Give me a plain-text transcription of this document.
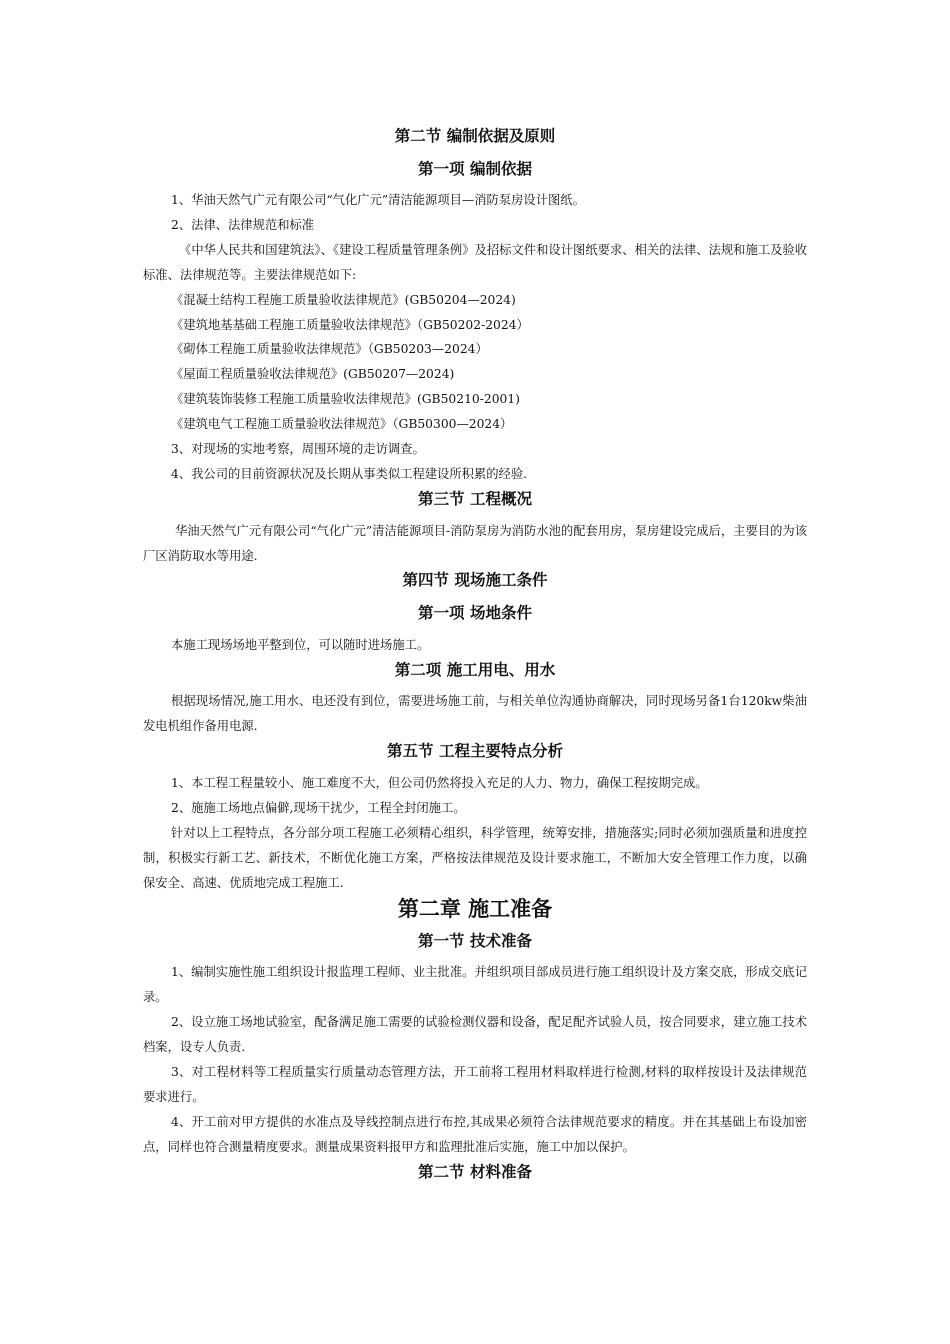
第二节 编制依据及原则
第一项 编制依据
1、华油天然气广元有限公司“气化广元”清洁能源项目—消防泵房设计图纸。
2、法律、法律规范和标准
《中华人民共和国建筑法》、《建设工程质量管理条例》及招标文件和设计图纸要求、相关的法律、法规和施工及验收标准、法律规范等。主要法律规范如下:
《混凝土结构工程施工质量验收法律规范》(GB50204—2024)
《建筑地基基础工程施工质量验收法律规范》（GB50202-2024）
《砌体工程施工质量验收法律规范》（GB50203—2024）
《屋面工程质量验收法律规范》(GB50207—2024)
《建筑装饰装修工程施工质量验收法律规范》(GB50210-2001)
《建筑电气工程施工质量验收法律规范》（GB50300—2024）
3、对现场的实地考察，周围环境的走访调查。
4、我公司的目前资源状况及长期从事类似工程建设所积累的经验.
第三节 工程概况
华油天然气广元有限公司“气化广元”清洁能源项目-消防泵房为消防水池的配套用房，泵房建设完成后，主要目的为该厂区消防取水等用途.
第四节 现场施工条件
第一项 场地条件
本施工现场场地平整到位，可以随时进场施工。
第二项 施工用电、用水
根据现场情况,施工用水、电还没有到位，需要进场施工前，与相关单位沟通协商解决，同时现场另备1台120kw柴油发电机组作备用电源.
第五节 工程主要特点分析
1、本工程工程量较小、施工难度不大，但公司仍然将投入充足的人力、物力，确保工程按期完成。
2、施施工场地点偏僻,现场干扰少，工程全封闭施工。
针对以上工程特点，各分部分项工程施工必须精心组织，科学管理，统筹安排，措施落实;同时必须加强质量和进度控制，积极实行新工艺、新技术，不断优化施工方案，严格按法律规范及设计要求施工，不断加大安全管理工作力度，以确保安全、高速、优质地完成工程施工.
第二章 施工准备
第一节 技术准备
1、编制实施性施工组织设计报监理工程师、业主批准。并组织项目部成员进行施工组织设计及方案交底，形成交底记录。
2、设立施工场地试验室，配备满足施工需要的试验检测仪器和设备，配足配齐试验人员，按合同要求，建立施工技术档案，设专人负责.
3、对工程材料等工程质量实行质量动态管理方法，开工前将工程用材料取样进行检测,材料的取样按设计及法律规范要求进行。
4、开工前对甲方提供的水准点及导线控制点进行布控,其成果必须符合法律规范要求的精度。并在其基础上布设加密点，同样也符合测量精度要求。测量成果资料报甲方和监理批准后实施，施工中加以保护。
第二节 材料准备
